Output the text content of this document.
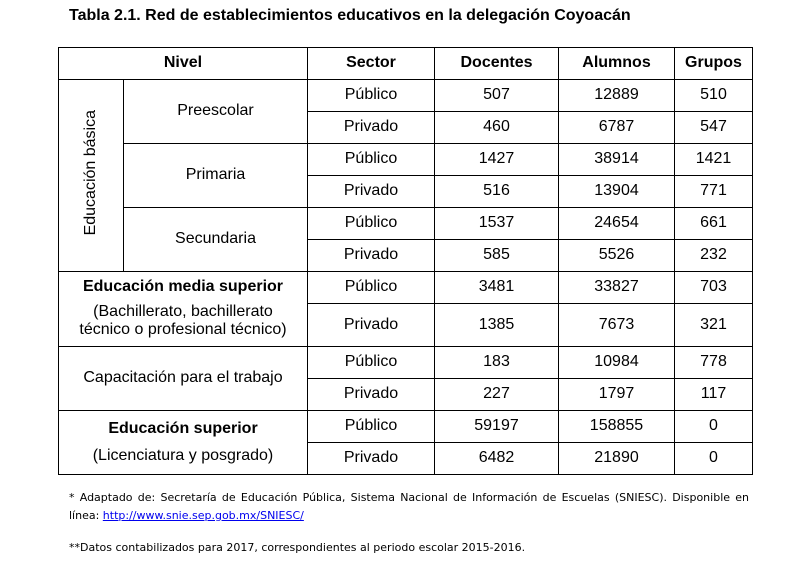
Tabla 2.1. Red de establecimientos educativos en la delegación Coyoacán
Nivel		Sector	Docentes	Alumnos	Grupos
Educación básica	Preescolar	Público	507	12889	510
		Privado	460	6787	547
	Primaria	Público	1427	38914	1421
		Privado	516	13904	771
	Secundaria	Público	1537	24654	661
		Privado	585	5526	232

Educación media superior
(Bachillerato, bachillerato técnico o profesional técnico)		Público	3481	33827	703
		Privado	1385	7673	321
Capacitación para el trabajo		Público	183	10984	778
		Privado	227	1797	117

Educación superior
(Licenciatura y posgrado)		Público	59197	158855	0
		Privado	6482	21890	0
* Adaptado de: Secretaría de Educación Pública, Sistema Nacional de Información de Escuelas (SNIESC). Disponible en línea: http://www.snie.sep.gob.mx/SNIESC/
**Datos contabilizados para 2017, correspondientes al periodo escolar 2015-2016.
